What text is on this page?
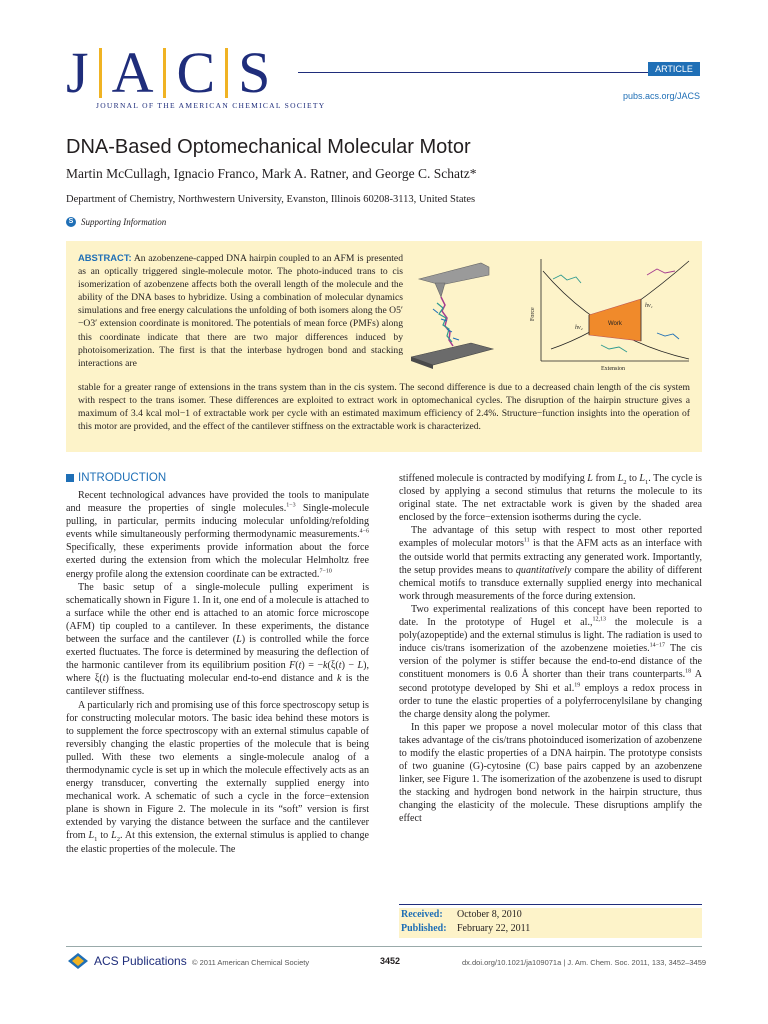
J A C S
JOURNAL OF THE AMERICAN CHEMICAL SOCIETY
ARTICLE
pubs.acs.org/JACS
DNA-Based Optomechanical Molecular Motor
Martin McCullagh, Ignacio Franco, Mark A. Ratner, and George C. Schatz*
Department of Chemistry, Northwestern University, Evanston, Illinois 60208-3113, United States
S Supporting Information
ABSTRACT: An azobenzene-capped DNA hairpin coupled to an AFM is presented as an optically triggered single-molecule motor. The photo-induced trans to cis isomerization of azobenzene affects both the overall length of the molecule and the ability of the DNA bases to hybridize. Using a combination of molecular dynamics simulations and free energy calculations the unfolding of both isomers along the O5′−O3′ extension coordinate is monitored. The potentials of mean force (PMFs) along this coordinate indicate that there are two major differences induced by photoisomerization. The first is that the interbase hydrogen bond and stacking interactions are
stable for a greater range of extensions in the trans system than in the cis system. The second difference is due to a decreased chain length of the cis system with respect to the trans isomer. These differences are exploited to extract work in optomechanical cycles. The disruption of the hairpin structure gives a maximum of 3.4 kcal mol−1 of extractable work per cycle with an estimated maximum efficiency of 2.4%. Structure−function insights into the operation of this motor are provided, and the effect of the cantilever stiffness on the extractable work is characterized.
Work
hν₁
hν₂
Force
Extension
INTRODUCTION

Recent technological advances have provided the tools to manipulate and measure the properties of single molecules.$^{1-3}$ Single-molecule pulling, in particular, permits inducing molecular unfolding/refolding events while simultaneously performing thermodynamic measurements.$^{4-6}$ Specifically, these experiments provide information about the force exerted during the extension from which the molecular Helmholtz free energy profile along the extension coordinate can be extracted.$^{7-10}$

The basic setup of a single-molecule pulling experiment is schematically shown in Figure 1. In it, one end of a molecule is attached to a surface while the other end is attached to an atomic force microscope (AFM) tip coupled to a cantilever. In these experiments, the distance between the surface and the cantilever (L) is controlled while the force exerted fluctuates. The force is determined by measuring the deflection of the harmonic cantilever from its equilibrium position F(t) = −k(ξ(t) − L), where ξ(t) is the fluctuating molecular end-to-end distance and k is the cantilever stiffness.

A particularly rich and promising use of this force spectroscopy setup is for constructing molecular motors. The basic idea behind these motors is to supplement the force spectroscopy with an external stimulus capable of reversibly changing the elastic properties of the molecule that is being pulled. With these two elements a single-molecule analog of a thermodynamic cycle is set up in which the molecule effectively acts as an energy transducer, converting the externally supplied energy into mechanical work. A schematic of such a cycle in the force−extension plane is shown in Figure 2. The molecule in its “soft” version is first extended by varying the distance between the surface and the cantilever from $L_1$ to $L_2$. At this extension, the external stimulus is applied to change the elastic properties of the molecule. The

stiffened molecule is contracted by modifying L from $L_2$ to $L_1$. The cycle is closed by applying a second stimulus that returns the molecule to its original state. The net extractable work is given by the shaded area enclosed by the force−extension isotherms during the cycle.

The advantage of this setup with respect to most other reported examples of molecular motors$^{11}$ is that the AFM acts as an interface with the outside world that permits extracting any generated work. Importantly, the setup provides means to quantitatively compare the ability of different chemical motifs to transduce externally supplied energy into mechanical work through measurements of the force during extension.

Two experimental realizations of this concept have been reported to date. In the prototype of Hugel et al.,$^{12,13}$ the molecule is a poly(azopeptide) and the external stimulus is light. The radiation is used to induce cis/trans isomerization of the azobenzene moieties.$^{14-17}$ The cis version of the polymer is stiffer because the end-to-end distance of the constituent monomers is 0.6 Å shorter than their trans counterparts.$^{18}$ A second prototype developed by Shi et al.$^{19}$ employs a redox process in order to tune the elastic properties of a polyferrocenylsilane by changing the charge density along the polymer.

In this paper we propose a novel molecular motor of this class that takes advantage of the cis/trans photoinduced isomerization of azobenzene to modify the elastic properties of a DNA hairpin. The prototype consists of two guanine (G)-cytosine (C) base pairs capped by an azobenzene linker, see Figure 1. The isomerization of the azobenzene is used to disrupt the stacking and hydrogen bond network in the hairpin structure, thus changing the elasticity of the molecule. These disruptions amplify the effect

Received:	October 8, 2010
Published:	February 22, 2011
ACS Publications © 2011 American Chemical Society	3452	dx.doi.org/10.1021/ja109071a | J. Am. Chem. Soc. 2011, 133, 3452–3459
